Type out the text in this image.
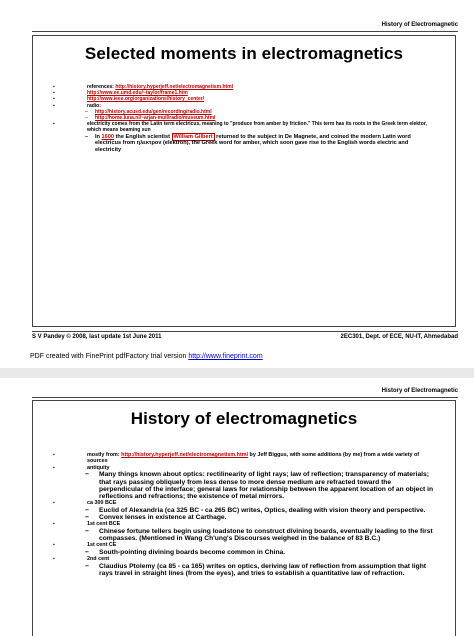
History of Electromagnetic
Selected moments in electromagnetics
▪	references: http://history.hyperjeff.net/electromagnetism.html
▪	http://www.ee.umd.edu/~taylor/frame1.htm
▪	http://www.ieee.org/organizations/history_center/
▪	radio:
– http://history.acusd.edu/gen/recording/radio.html
– http://home.luna.nl/~arjan-muil/radio/museum.html
▪	electricity comes from the Latin term electricus, meaning to "produce from amber by friction." This term has its roots in the Greek term elektor, which means beaming sun
– In 1600 the English scientist William Gilbert returned to the subject in De Magnete, and coined the modern Latin word electricus from ηλεκτρον (elektron), the Greek word for amber, which soon gave rise to the English words electric and electricity
S V Pandey © 2008, last update 1st June 2011	2EC301, Dept. of ECE, NU-IT, Ahmedabad
PDF created with FinePrint pdfFactory trial version http://www.fineprint.com
History of Electromagnetic
History of electromagnetics
▪	mostly from: http://history.hyperjeff.net/electromagnetism.html by Jeff Biggus, with some additions (by me) from a wide variety of sources
▪	antiquity
– Many things known about optics: rectilinearity of light rays; law of reflection; transparency of materials; that rays passing obliquely from less dense to more dense medium are refracted toward the perpendicular of the interface; general laws for relationship between the apparent location of an object in reflections and refractions; the existence of metal mirrors.
▪	ca 300 BCE
– Euclid of Alexandria (ca 325 BC - ca 265 BC) writes, Optics, dealing with vision theory and perspective.
– Convex lenses in existence at Carthage.
▪	1st cent BCE
– Chinese fortune tellers begin using loadstone to construct divining boards, eventually leading to the first compasses. (Mentioned in Wang Ch'ung's Discourses weighed in the balance of 83 B.C.)
▪	1st cent CE
– South-pointing divining boards become common in China.
▪	2nd cent
– Claudius Ptolemy (ca 85 - ca 165) writes on optics, deriving law of reflection from assumption that light rays travel in straight lines (from the eyes), and tries to establish a quantitative law of refraction.
